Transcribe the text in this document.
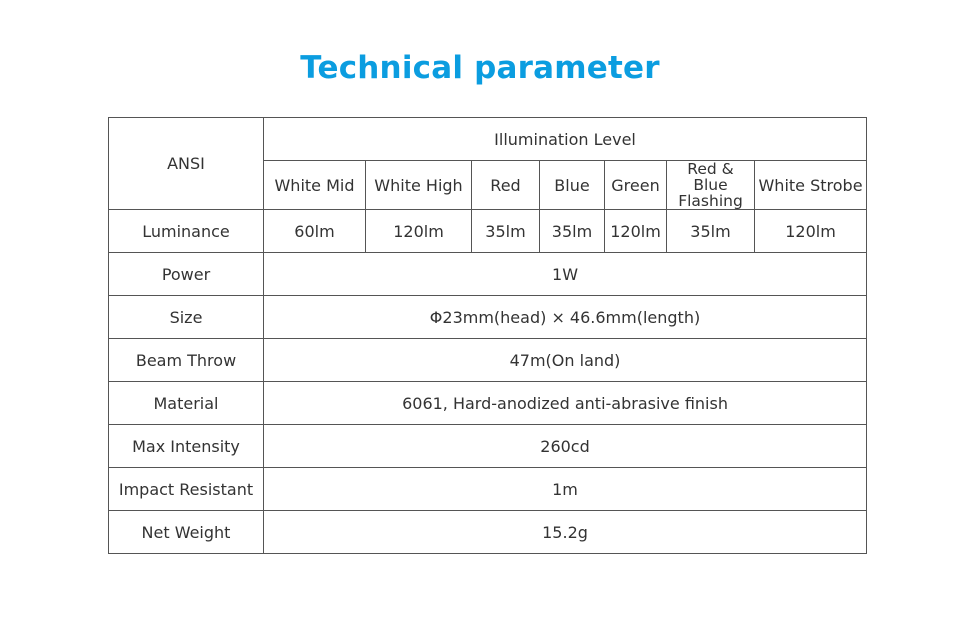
Technical parameter
ANSI	Illumination Level						
	White Mid	White High	Red	Blue	Green	Red & Blue Flashing	White Strobe
Luminance	60lm	120lm	35lm	35lm	120lm	35lm	120lm
Power	1W						
Size	Φ23mm(head) × 46.6mm(length)						
Beam Throw	47m(On land)						
Material	6061, Hard-anodized anti-abrasive finish						
Max Intensity	260cd						
Impact Resistant	1m						
Net Weight	15.2g						
